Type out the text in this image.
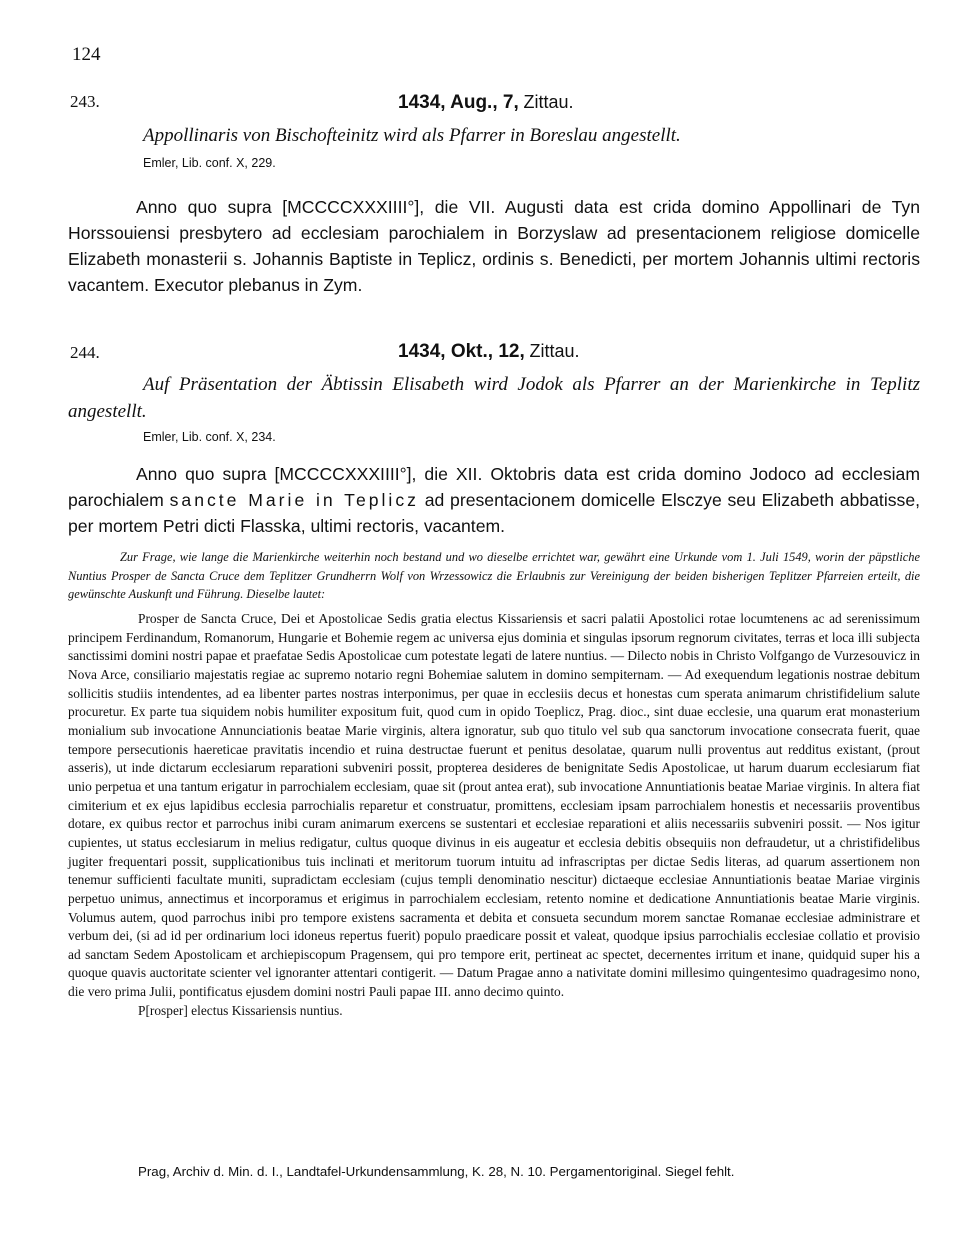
124
243.	1434, Aug., 7, Zittau.
Appollinaris von Bischofteinitz wird als Pfarrer in Boreslau angestellt.
Emler, Lib. conf. X, 229.
Anno quo supra [MCCCCXXXIIII°], die VII. Augusti data est crida domino Appollinari de Tyn Horssouiensi presbytero ad ecclesiam parochialem in Borzyslaw ad presentacionem religiose domicelle Elizabeth monasterii s. Johannis Baptiste in Teplicz, ordinis s. Benedicti, per mortem Johannis ultimi rectoris vacantem. Executor plebanus in Zym.
244.	1434, Okt., 12, Zittau.
Auf Präsentation der Äbtissin Elisabeth wird Jodok als Pfarrer an der Marienkirche in Teplitz angestellt.
Emler, Lib. conf. X, 234.
Anno quo supra [MCCCCXXXIIII°], die XII. Oktobris data est crida domino Jodoco ad ecclesiam parochialem sancte Marie in Teplicz ad presentacionem domicelle Elsczye seu Elizabeth abbatisse, per mortem Petri dicti Flasska, ultimi rectoris, vacantem.
Zur Frage, wie lange die Marienkirche weiterhin noch bestand und wo dieselbe errichtet war, gewährt eine Urkunde vom 1. Juli 1549, worin der päpstliche Nuntius Prosper de Sancta Cruce dem Teplitzer Grundherrn Wolf von Wrzessowicz die Erlaubnis zur Vereinigung der beiden bisherigen Teplitzer Pfarreien erteilt, die gewünschte Auskunft und Führung. Dieselbe lautet:

Prosper de Sancta Cruce, Dei et Apostolicae Sedis gratia electus Kissariensis et sacri palatii Apostolici rotae locumtenens ac ad serenissimum principem Ferdinandum, Romanorum, Hungarie et Bohemie regem ac universa ejus dominia et singulas ipsorum regnorum civitates, terras et loca illi subjecta sanctissimi domini nostri papae et praefatae Sedis Apostolicae cum potestate legati de latere nuntius. — Dilecto nobis in Christo Volfgango de Vurzesouvicz in Nova Arce, consiliario majestatis regiae ac supremo notario regni Bohemiae salutem in domino sempiternam. — Ad exequendum legationis nostrae debitum sollicitis studiis intendentes, ad ea libenter partes nostras interponimus, per quae in ecclesiis decus et honestas cum sperata animarum christifidelium salute procuretur. Ex parte tua siquidem nobis humiliter expositum fuit, quod cum in opido Toeplicz, Prag. dioc., sint duae ecclesie, una quarum erat monasterium monialium sub invocatione Annunciationis beatae Marie virginis, altera ignoratur, sub quo titulo vel sub qua sanctorum invocatione consecrata fuerit, quae tempore persecutionis haereticae pravitatis incendio et ruina destructae fuerunt et penitus desolatae, quarum nulli proventus aut redditus existant, (prout asseris), ut inde dictarum ecclesiarum reparationi subveniri possit, propterea desideres de benignitate Sedis Apostolicae, ut harum duarum ecclesiarum fiat unio perpetua et una tantum erigatur in parrochialem ecclesiam, quae sit (prout antea erat), sub invocatione Annuntiationis beatae Mariae virginis. In altera fiat cimiterium et ex ejus lapidibus ecclesia parrochialis reparetur et construatur, promittens, ecclesiam ipsam parrochialem honestis et necessariis proventibus dotare, ex quibus rector et parrochus inibi curam animarum exercens se sustentari et ecclesiae reparationi et aliis necessariis subveniri possit. — Nos igitur cupientes, ut status ecclesiarum in melius redigatur, cultus quoque divinus in eis augeatur et ecclesia debitis obsequiis non defraudetur, ut a christifidelibus jugiter frequentari possit, supplicationibus tuis inclinati et meritorum tuorum intuitu ad infrascriptas per dictae Sedis literas, ad quarum assertionem non tenemur sufficienti facultate muniti, supradictam ecclesiam (cujus templi denominatio nescitur) dictaeque ecclesiae Annuntiationis beatae Mariae virginis perpetuo unimus, annectimus et incorporamus et erigimus in parrochialem ecclesiam, retento nomine et dedicatione Annuntiationis beatae Marie virginis. Volumus autem, quod parrochus inibi pro tempore existens sacramenta et debita et consueta secundum morem sanctae Romanae ecclesiae administrare et verbum dei, (si ad id per ordinarium loci idoneus repertus fuerit) populo praedicare possit et valeat, quodque ipsius parrochialis ecclesiae collatio et provisio ad sanctam Sedem Apostolicam et archiepiscopum Pragensem, qui pro tempore erit, pertineat ac spectet, decernentes irritum et inane, quidquid super his a quoque quavis auctoritate scienter vel ignoranter attentari contigerit. — Datum Pragae anno a nativitate domini millesimo quingentesimo quadragesimo nono, die vero prima Julii, pontificatus ejusdem domini nostri Pauli papae III. anno decimo quinto.

P[rosper] electus Kissariensis nuntius.

Prag, Archiv d. Min. d. I., Landtafel-Urkundensammlung, K. 28, N. 10. Pergamentoriginal. Siegel fehlt.
